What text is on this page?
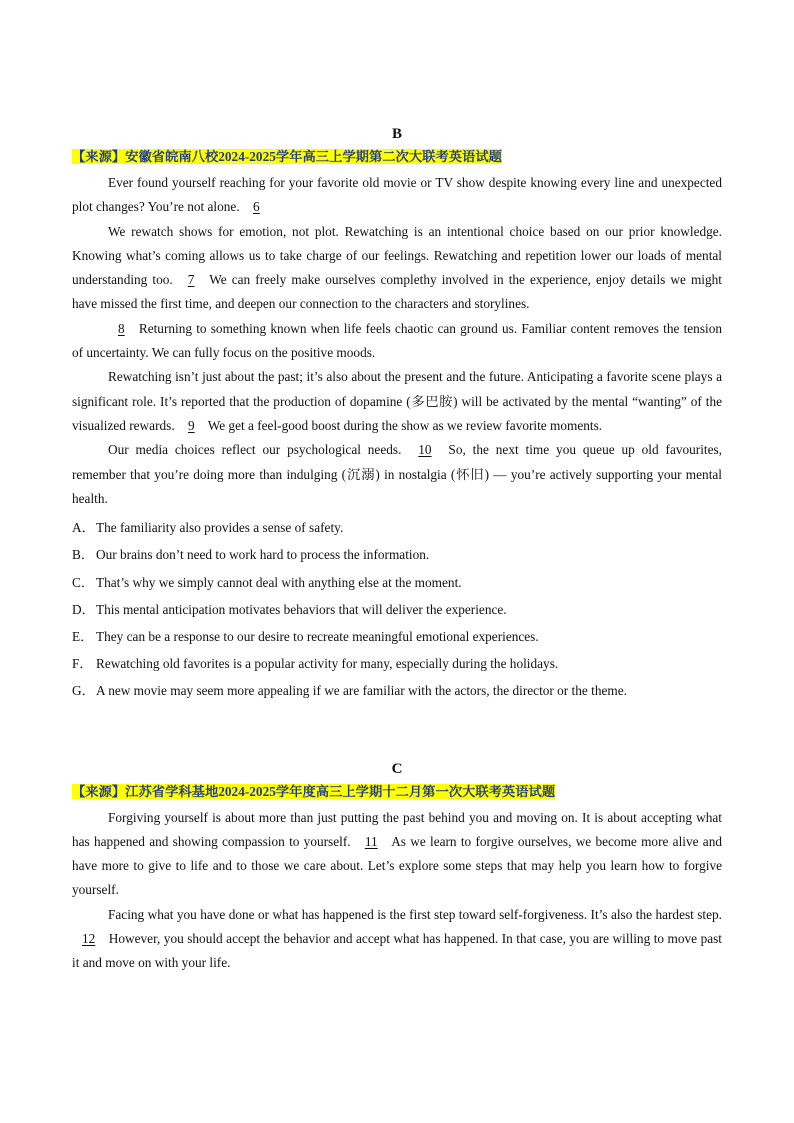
B

【来源】安徽省皖南八校2024-2025学年高三上学期第二次大联考英语试题

Ever found yourself reaching for your favorite old movie or TV show despite knowing every line and unexpected plot changes? You’re not alone. 6

We rewatch shows for emotion, not plot. Rewatching is an intentional choice based on our prior knowledge. Knowing what’s coming allows us to take charge of our feelings. Rewatching and repetition lower our loads of mental understanding too. 7 We can freely make ourselves complethy involved in the experience, enjoy details we might have missed the first time, and deepen our connection to the characters and storylines.

8 Returning to something known when life feels chaotic can ground us. Familiar content removes the tension of uncertainty. We can fully focus on the positive moods.

Rewatching isn’t just about the past; it’s also about the present and the future. Anticipating a favorite scene plays a significant role. It’s reported that the production of dopamine (多巴胺) will be activated by the mental “wanting” of the visualized rewards. 9 We get a feel-good boost during the show as we review favorite moments.

Our media choices reflect our psychological needs. 10 So, the next time you queue up old favourites, remember that you’re doing more than indulging (沉溺) in nostalgia (怀旧) — you’re actively supporting your mental health.

A．The familiarity also provides a sense of safety.

B． Our brains don’t need to work hard to process the information.

C． That’s why we simply cannot deal with anything else at the moment.

D．This mental anticipation motivates behaviors that will deliver the experience.

E． They can be a response to our desire to recreate meaningful emotional experiences.

F． Rewatching old favorites is a popular activity for many, especially during the holidays.

G．A new movie may seem more appealing if we are familiar with the actors, the director or the theme.

C

【来源】江苏省学科基地2024-2025学年度高三上学期十二月第一次大联考英语试题

Forgiving yourself is about more than just putting the past behind you and moving on. It is about accepting what has happened and showing compassion to yourself. 11 As we learn to forgive ourselves, we become more alive and have more to give to life and to those we care about. Let’s explore some steps that may help you learn how to forgive yourself.

Facing what you have done or what has happened is the first step toward self-forgiveness. It’s also the hardest step. 12 However, you should accept the behavior and accept what has happened. In that case, you are willing to move past it and move on with your life.
